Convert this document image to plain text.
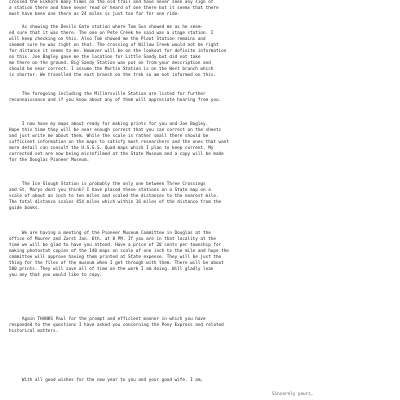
crossed the Elkhorn many times on the old trail and have never seen any sign of
a station there and have never read or heard of one there but it seems that there
must have been one there as 24 miles is just too far for one ride.

As showing the Devils Gate station where Tom Sun showed me as he seem-
ed sure that it was there. The one on Pete Creek he said was a stage station. I
will keep checking on this. Also Tom showed me the Ploot Station remains and
seemed sure he was right on that. The crossing of Willow Creek would not be right
for distance it seems to me. However will be on the lookout for definite information
on this. Joe Bagley gave me the location for Little Sandy but did not take
me there on the ground. Big Sandy Station was put on from your description and
should be near correct. I assume the Martin Station is on the West branch which
is shorter. We travelled the east branch on the trek so am not informed on this.

The foregoing including the Millersville Station are listed for further
reconnaissance and if you know about any of them will appreciate hearing from you.

I now have my maps about ready for making prints for you and Joe Bagley.
Hope this time they will be near enough correct that you can correct on the sheets
and just write me about them. While the scale is rather small there should be
sufficient information on the maps to satisfy most researchers and the ones that want
more detail can consult the U.S.G.S. Quad maps which I plan to keep current. My
corrected set are now being microfilmed at the State Museum and a copy will be made
for the Douglas Pioneer Museum.

The Ice Slough Station is probably the only one between Three Crossings
and St. Marys dont you think? I have placed these stations on a State map on a
scale of about an inch to ten miles and scaled the distances to the nearest mile.
The total distance scales 454 miles which within 16 miles of the distance from the
guide books.

We are having a meeting of the Pioneer Museum Committee in Douglas at the
office of Maurer and Zarst Jan. 6th. at 8 PM. If you are in that locality at the
time we will be glad to have you attend. Have a price of 20 cents per township for
making photostat copies of the 140 maps on scale of one inch to the mile and hope the
committee will approve having them printed at State expense. They will be just the
thing for the files of the museum when I get through with them. There will be about
500 prints. They will save all of time on the work I am doing. Will gladly loan
you any that you would like to copy.

Again THANKS Paul for the prompt and efficient manner in which you have
responded to the questions I have asked you concerning the Pony Express and related
historical matters.

With all good wishes for the new year to you and your good wife. I am,

Sincerely yours,
